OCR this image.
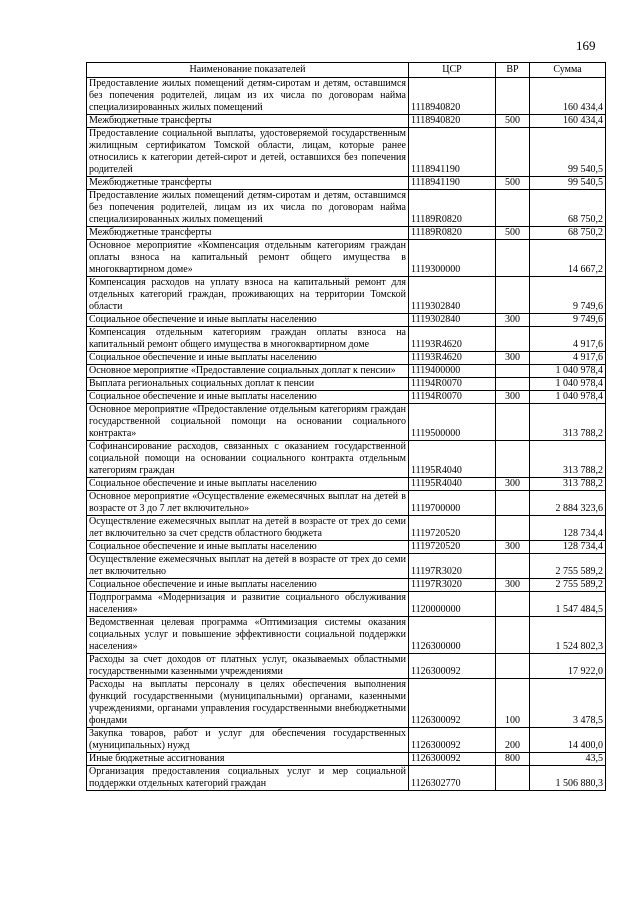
169
Наименование показателей	ЦСР	ВР	Сумма
Предоставление жилых помещений детям-сиротам и детям, оставшимся без попечения родителей, лицам из их числа по договорам найма специализированных жилых помещений	1118940820		160 434,4
Межбюджетные трансферты	1118940820	500	160 434,4
Предоставление социальной выплаты, удостоверяемой государственным жилищным сертификатом Томской области, лицам, которые ранее относились к категории детей-сирот и детей, оставшихся без попечения родителей	1118941190		99 540,5
Межбюджетные трансферты	1118941190	500	99 540,5
Предоставление жилых помещений детям-сиротам и детям, оставшимся без попечения родителей, лицам из их числа по договорам найма специализированных жилых помещений	11189R0820		68 750,2
Межбюджетные трансферты	11189R0820	500	68 750,2
Основное мероприятие «Компенсация отдельным категориям граждан оплаты взноса на капитальный ремонт общего имущества в многоквартирном доме»	1119300000		14 667,2
Компенсация расходов на уплату взноса на капитальный ремонт для отдельных категорий граждан, проживающих на территории Томской области	1119302840		9 749,6
Социальное обеспечение и иные выплаты населению	1119302840	300	9 749,6
Компенсация отдельным категориям граждан оплаты взноса на капитальный ремонт общего имущества в многоквартирном доме	11193R4620		4 917,6
Социальное обеспечение и иные выплаты населению	11193R4620	300	4 917,6
Основное мероприятие «Предоставление социальных доплат к пенсии»	1119400000		1 040 978,4
Выплата региональных социальных доплат к пенсии	11194R0070		1 040 978,4
Социальное обеспечение и иные выплаты населению	11194R0070	300	1 040 978,4
Основное мероприятие «Предоставление отдельным категориям граждан государственной социальной помощи на основании социального контракта»	1119500000		313 788,2
Софинансирование расходов, связанных с оказанием государственной социальной помощи на основании социального контракта отдельным категориям граждан	11195R4040		313 788,2
Социальное обеспечение и иные выплаты населению	11195R4040	300	313 788,2
Основное мероприятие «Осуществление ежемесячных выплат на детей в возрасте от 3 до 7 лет включительно»	1119700000		2 884 323,6
Осуществление ежемесячных выплат на детей в возрасте от трех до семи лет включительно за счет средств областного бюджета	1119720520		128 734,4
Социальное обеспечение и иные выплаты населению	1119720520	300	128 734,4
Осуществление ежемесячных выплат на детей в возрасте от трех до семи лет включительно	11197R3020		2 755 589,2
Социальное обеспечение и иные выплаты населению	11197R3020	300	2 755 589,2
Подпрограмма «Модернизация и развитие социального обслуживания населения»	1120000000		1 547 484,5
Ведомственная целевая программа «Оптимизация системы оказания социальных услуг и повышение эффективности социальной поддержки населения»	1126300000		1 524 802,3
Расходы за счет доходов от платных услуг, оказываемых областными государственными казенными учреждениями	1126300092		17 922,0
Расходы на выплаты персоналу в целях обеспечения выполнения функций государственными (муниципальными) органами, казенными учреждениями, органами управления государственными внебюджетными фондами	1126300092	100	3 478,5
Закупка товаров, работ и услуг для обеспечения государственных (муниципальных) нужд	1126300092	200	14 400,0
Иные бюджетные ассигнования	1126300092	800	43,5
Организация предоставления социальных услуг и мер социальной поддержки отдельных категорий граждан	1126302770		1 506 880,3
